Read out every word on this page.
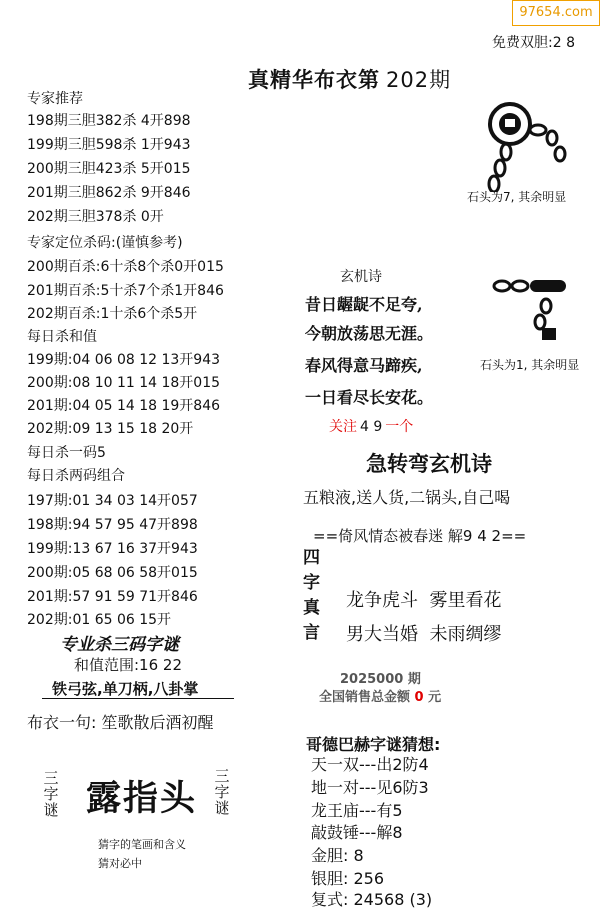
97654.com
免费双胆:2 8
真精华布衣第 202期
专家推荐
198期三胆382杀 4开898
199期三胆598杀 1开943
200期三胆423杀 5开015
201期三胆862杀 9开846
202期三胆378杀 0开
专家定位杀码:(谨慎参考)
200期百杀:6十杀8个杀0开015
201期百杀:5十杀7个杀1开846
202期百杀:1十杀6个杀5开
每日杀和值
199期:04 06 08 12 13开943
200期:08 10 11 14 18开015
201期:04 05 14 18 19开846
202期:09 13 15 18 20开
每日杀一码5
每日杀两码组合
197期:01 34 03 14开057
198期:94 57 95 47开898
199期:13 67 16 37开943
200期:05 68 06 58开015
201期:57 91 59 71开846
202期:01 65 06 15开
专业杀三码字谜
和值范围:16 22
铁弓弦,单刀柄,八卦掌
布衣一句: 笙歌散后酒初醒
三字谜 露指头
三字谜
猜字的笔画和含义
猜对必中
石头为7, 其余明显
石头为1, 其余明显
玄机诗
昔日龌龊不足夸,
今朝放荡思无涯。
春风得意马蹄疾,
一日看尽长安花。
关注 4 9 一个
急转弯玄机诗
五粮液,送人货,二锅头,自己喝
==倚风情态被春迷 解9 4 2==
四
字
真
言
龙争虎斗  雾里看花
男大当婚  未雨绸缪
2025000 期
全国销售总金额 0 元
哥德巴赫字谜猜想:
天一双---出2防4
地一对---见6防3
龙王庙---有5
敲鼓锤---解8
金胆: 8
银胆: 256
复式: 24568 (3)
